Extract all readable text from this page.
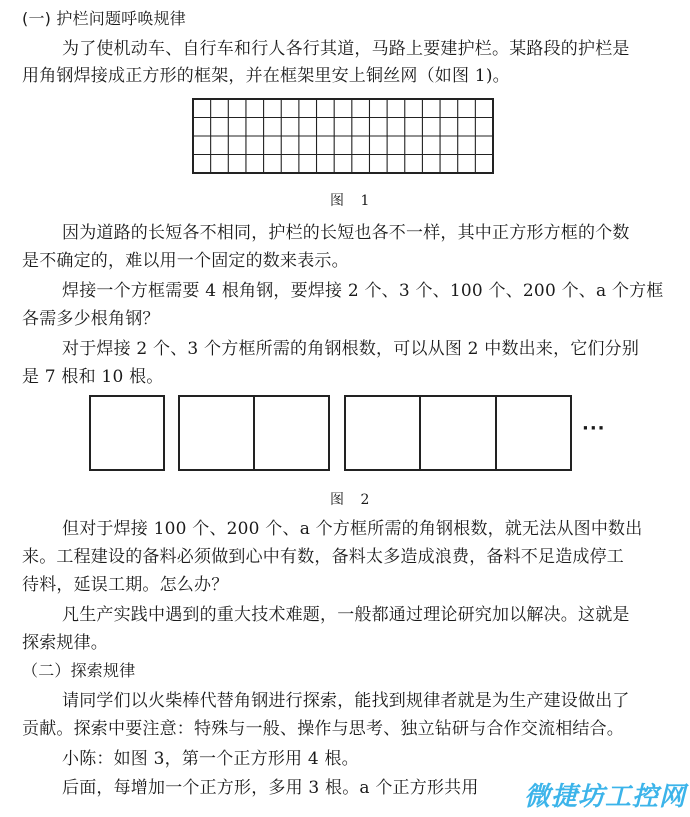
(一) 护栏问题呼唤规律
为了使机动车、自行车和行人各行其道，马路上要建护栏。某路段的护栏是
用角钢焊接成正方形的框架，并在框架里安上铜丝网（如图 1)。
图 1
因为道路的长短各不相同，护栏的长短也各不一样，其中正方形方框的个数
是不确定的，难以用一个固定的数来表示。
焊接一个方框需要 4 根角钢，要焊接 2 个、3 个、100 个、200 个、a 个方框
各需多少根角钢？
对于焊接 2 个、3 个方框所需的角钢根数，可以从图 2 中数出来，它们分别
是 7 根和 10 根。
···
图 2
但对于焊接 100 个、200 个、a 个方框所需的角钢根数，就无法从图中数出
来。工程建设的备料必须做到心中有数，备料太多造成浪费，备料不足造成停工
待料，延误工期。怎么办？
凡生产实践中遇到的重大技术难题，一般都通过理论研究加以解决。这就是
探索规律。
（二）探索规律
请同学们以火柴棒代替角钢进行探索，能找到规律者就是为生产建设做出了
贡献。探索中要注意：特殊与一般、操作与思考、独立钻研与合作交流相结合。
小陈：如图 3，第一个正方形用 4 根。
后面，每增加一个正方形，多用 3 根。a 个正方形共用 微捷坊工控网
